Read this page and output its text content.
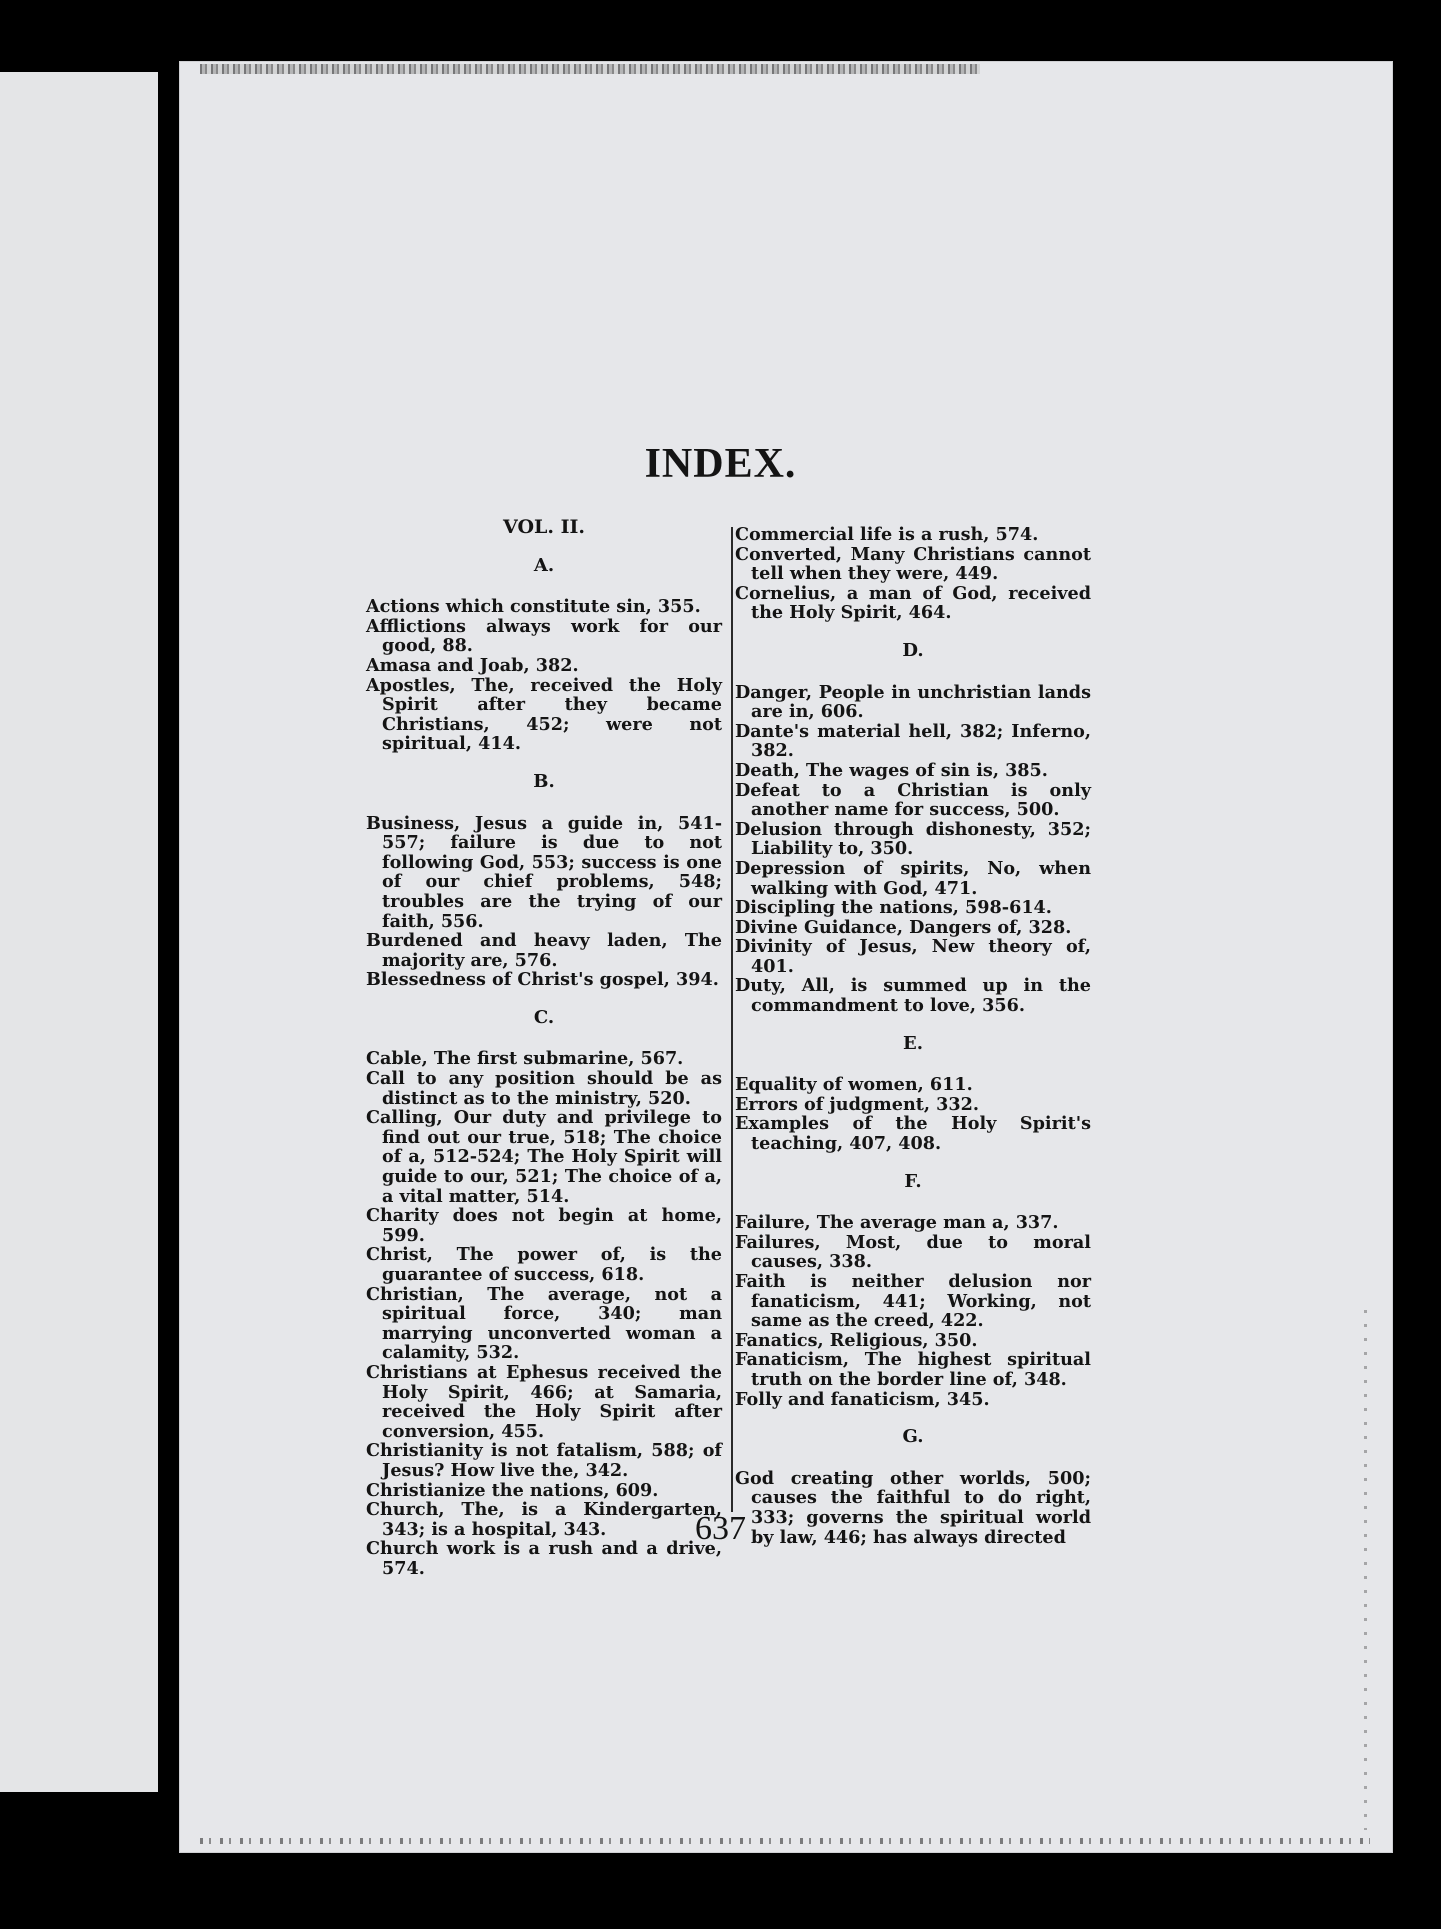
INDEX.
VOL. II.

A.

Actions which constitute sin, 355.

Afflictions always work for our good, 88.

Amasa and Joab, 382.

Apostles, The, received the Holy Spirit after they became Christians, 452; were not spiritual, 414.

B.

Business, Jesus a guide in, 541-557; failure is due to not following God, 553; success is one of our chief problems, 548; troubles are the trying of our faith, 556.

Burdened and heavy laden, The majority are, 576.

Blessedness of Christ's gospel, 394.

C.

Cable, The first submarine, 567.

Call to any position should be as distinct as to the ministry, 520.

Calling, Our duty and privilege to find out our true, 518; The choice of a, 512-524; The Holy Spirit will guide to our, 521; The choice of a, a vital matter, 514.

Charity does not begin at home, 599.

Christ, The power of, is the guarantee of success, 618.

Christian, The average, not a spiritual force, 340; man marrying unconverted woman a calamity, 532.

Christians at Ephesus received the Holy Spirit, 466; at Samaria, received the Holy Spirit after conversion, 455.

Christianity is not fatalism, 588; of Jesus? How live the, 342.

Christianize the nations, 609.

Church, The, is a Kindergarten, 343; is a hospital, 343.

Church work is a rush and a drive, 574.

Commercial life is a rush, 574.

Converted, Many Christians cannot tell when they were, 449.

Cornelius, a man of God, received the Holy Spirit, 464.

D.

Danger, People in unchristian lands are in, 606.

Dante's material hell, 382; Inferno, 382.

Death, The wages of sin is, 385.

Defeat to a Christian is only another name for success, 500.

Delusion through dishonesty, 352; Liability to, 350.

Depression of spirits, No, when walking with God, 471.

Discipling the nations, 598-614.

Divine Guidance, Dangers of, 328.

Divinity of Jesus, New theory of, 401.

Duty, All, is summed up in the commandment to love, 356.

E.

Equality of women, 611.

Errors of judgment, 332.

Examples of the Holy Spirit's teaching, 407, 408.

F.

Failure, The average man a, 337.

Failures, Most, due to moral causes, 338.

Faith is neither delusion nor fanaticism, 441; Working, not same as the creed, 422.

Fanatics, Religious, 350.

Fanaticism, The highest spiritual truth on the border line of, 348.

Folly and fanaticism, 345.

G.

God creating other worlds, 500; causes the faithful to do right, 333; governs the spiritual world by law, 446; has always directed

637
